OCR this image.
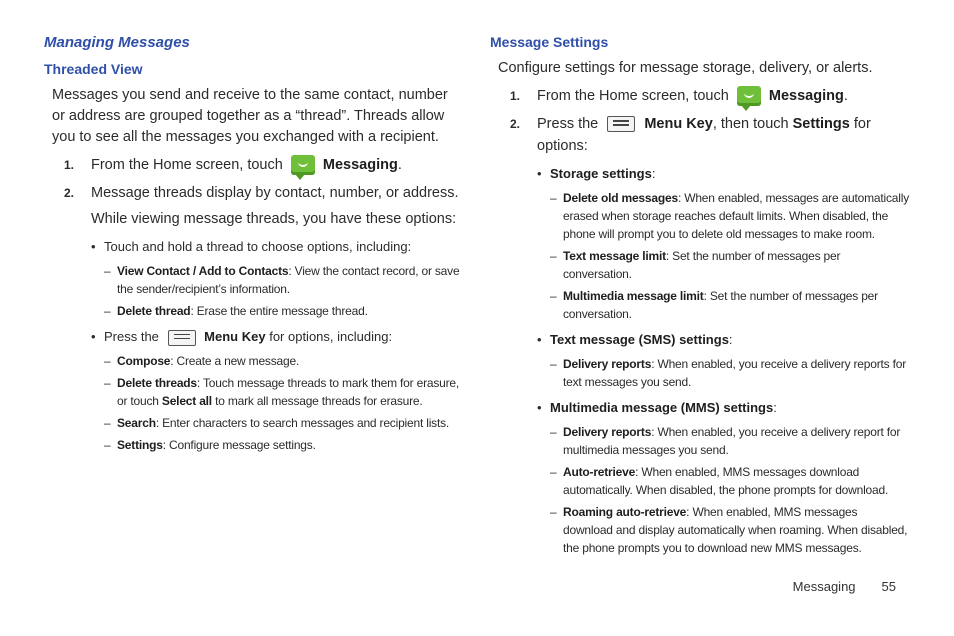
Managing Messages
Threaded View
Messages you send and receive to the same contact, number or address are grouped together as a “thread”. Threads allow you to see all the messages you exchanged with a recipient.
1.	From the Home screen, touch	Messaging.
2.	Message threads display by contact, number, or address.
While viewing message threads, you have these options:
• Touch and hold a thread to choose options, including:
– View Contact / Add to Contacts: View the contact record, or save the sender/recipient’s information.
– Delete thread: Erase the entire message thread.
• Press the	Menu Key for options, including:
– Compose: Create a new message.
– Delete threads: Touch message threads to mark them for erasure, or touch Select all to mark all message threads for erasure.
– Search: Enter characters to search messages and recipient lists.
– Settings: Configure message settings.
Message Settings
Configure settings for message storage, delivery, or alerts.
1.	From the Home screen, touch	Messaging.
2.	Press the	Menu Key, then touch Settings for options:
• Storage settings:
– Delete old messages: When enabled, messages are automatically erased when storage reaches default limits. When disabled, the phone will prompt you to delete old messages to make room.
– Text message limit: Set the number of messages per conversation.
– Multimedia message limit: Set the number of messages per conversation.
• Text message (SMS) settings:
– Delivery reports: When enabled, you receive a delivery reports for text messages you send.
• Multimedia message (MMS) settings:
– Delivery reports: When enabled, you receive a delivery report for multimedia messages you send.
– Auto-retrieve: When enabled, MMS messages download automatically. When disabled, the phone prompts for download.
– Roaming auto-retrieve: When enabled, MMS messages download and display automatically when roaming. When disabled, the phone prompts you to download new MMS messages.
Messaging 55
